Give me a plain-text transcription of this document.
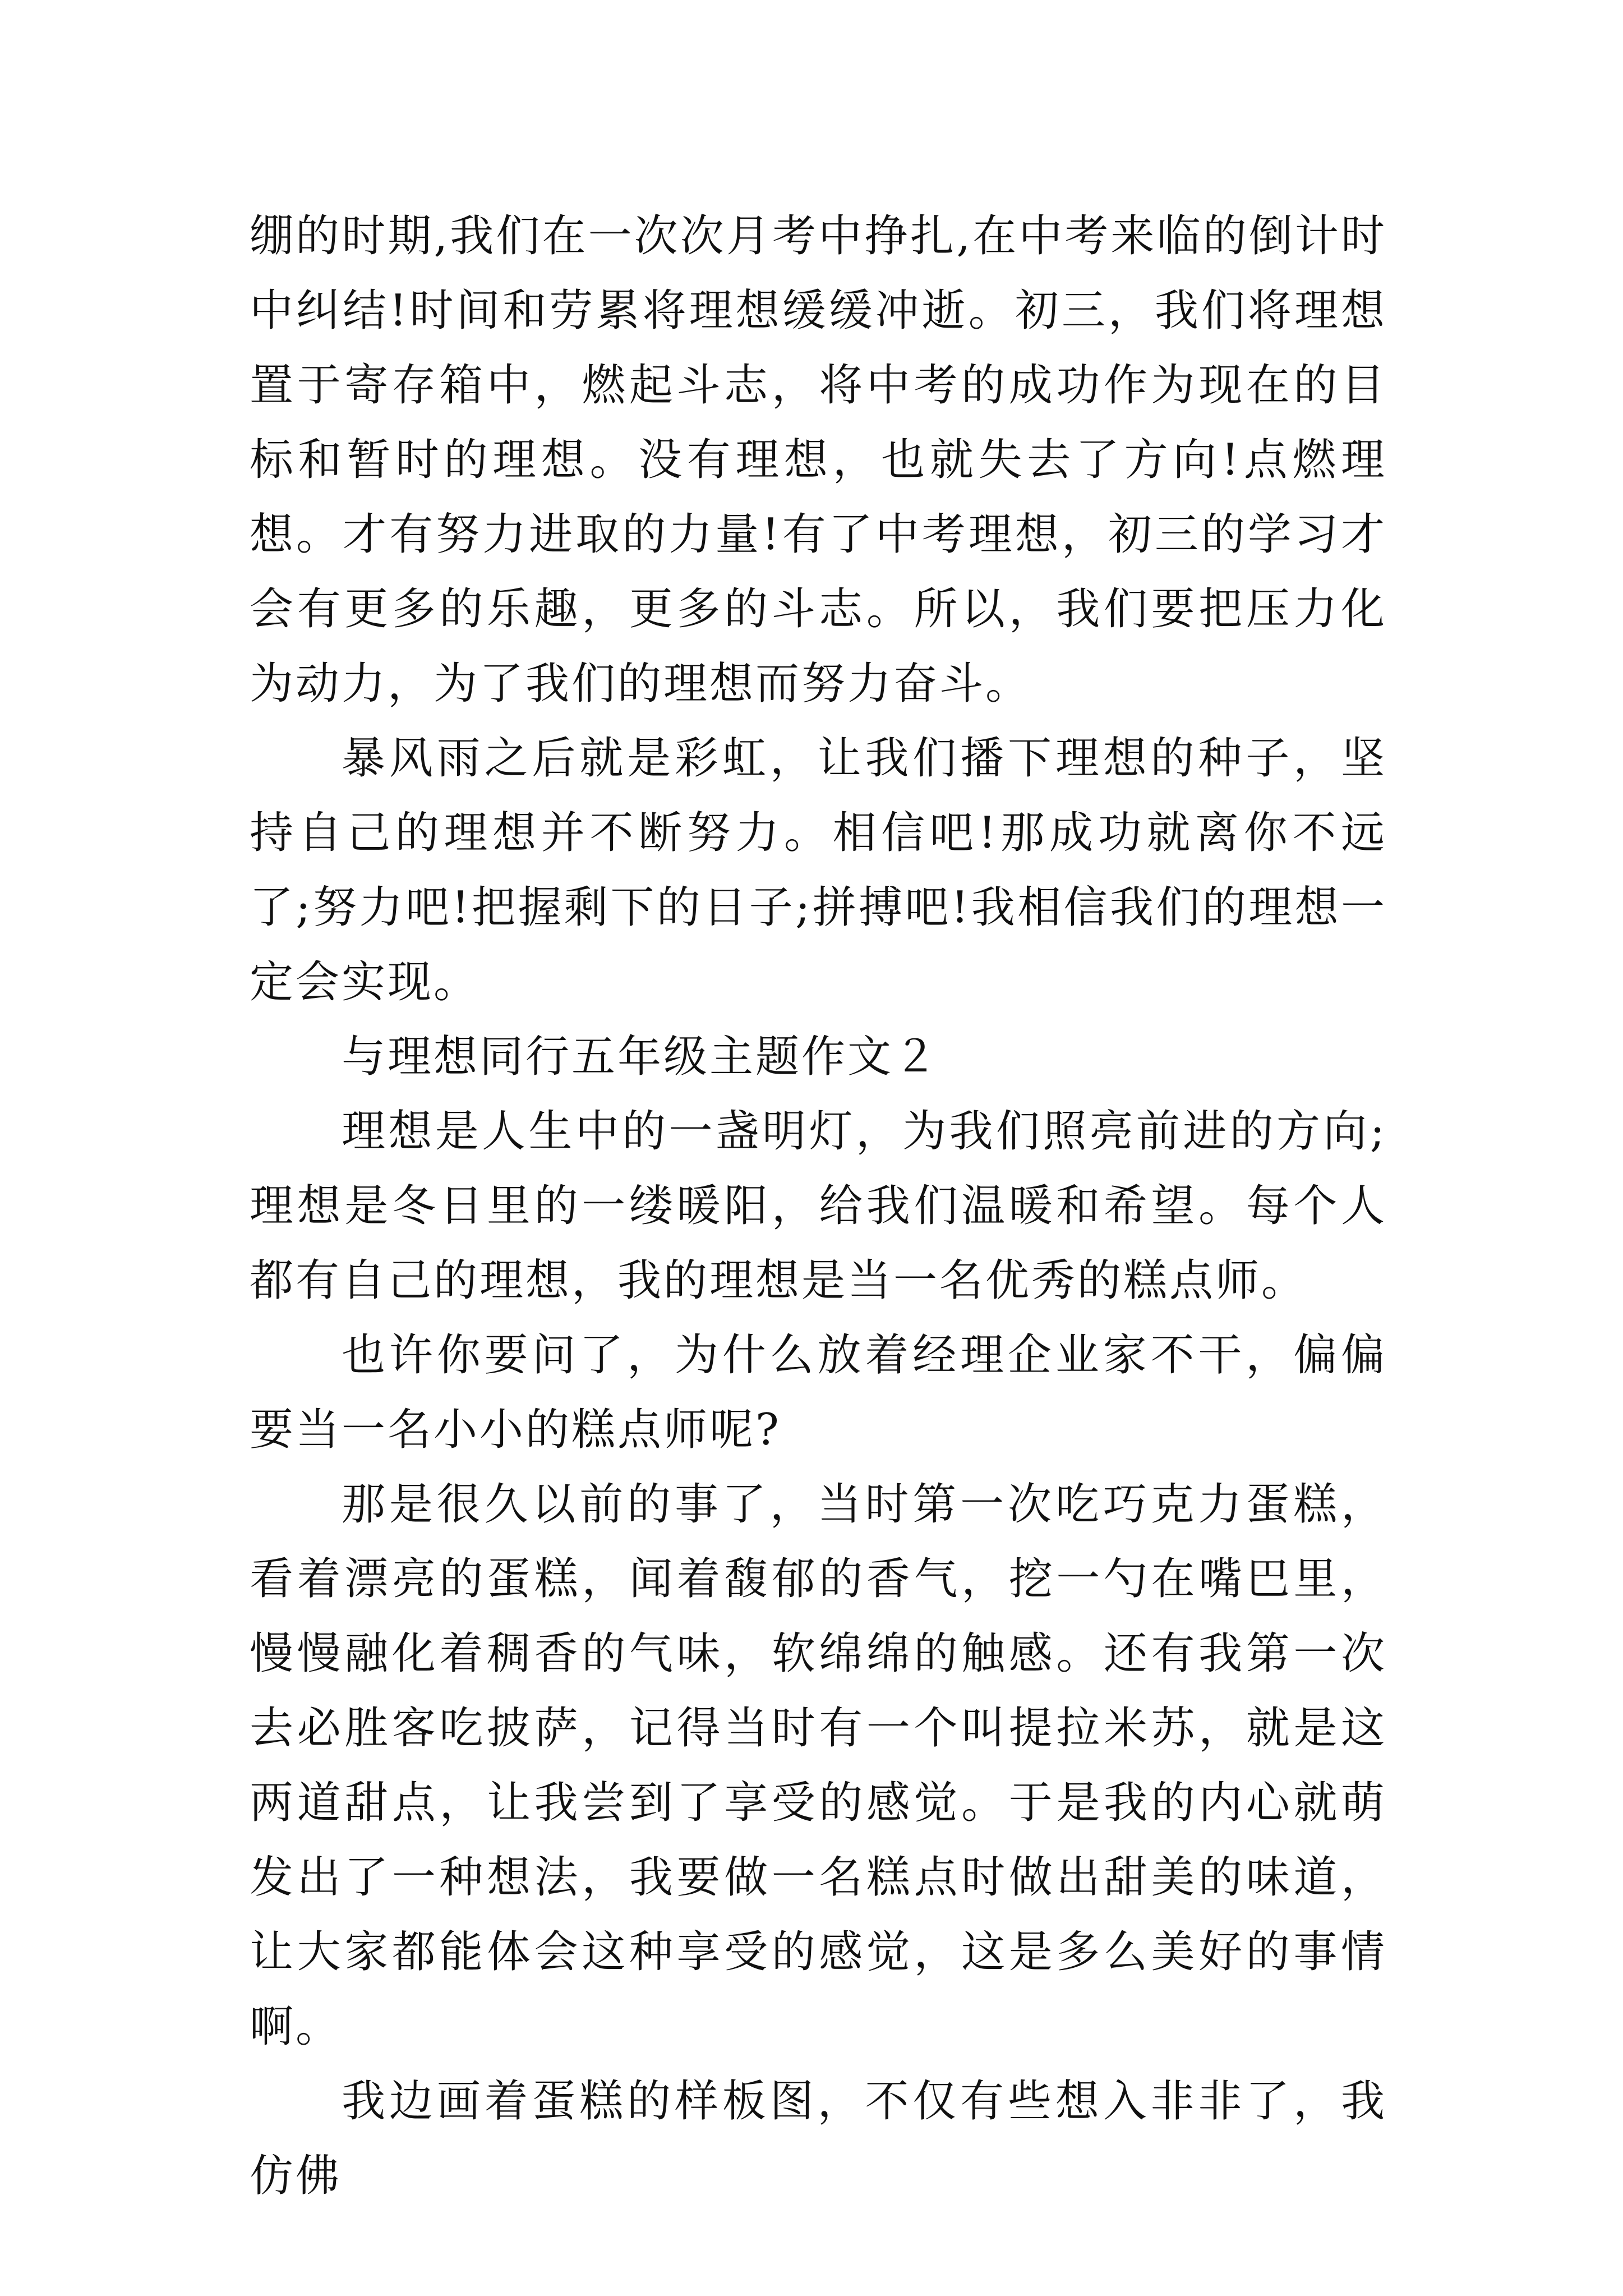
绷的时期,我们在一次次月考中挣扎,在中考来临的倒计时中纠结!时间和劳累将理想缓缓冲逝。初三，我们将理想置于寄存箱中，燃起斗志，将中考的成功作为现在的目标和暂时的理想。没有理想，也就失去了方向!点燃理想。才有努力进取的力量!有了中考理想，初三的学习才会有更多的乐趣，更多的斗志。所以，我们要把压力化为动力，为了我们的理想而努力奋斗。

暴风雨之后就是彩虹，让我们播下理想的种子，坚持自己的理想并不断努力。相信吧!那成功就离你不远了;努力吧!把握剩下的日子;拼搏吧!我相信我们的理想一定会实现。

与理想同行五年级主题作文２

理想是人生中的一盏明灯，为我们照亮前进的方向;理想是冬日里的一缕暖阳，给我们温暖和希望。每个人都有自己的理想，我的理想是当一名优秀的糕点师。

也许你要问了，为什么放着经理企业家不干，偏偏要当一名小小的糕点师呢?

那是很久以前的事了，当时第一次吃巧克力蛋糕，看着漂亮的蛋糕，闻着馥郁的香气，挖一勺在嘴巴里，慢慢融化着稠香的气味，软绵绵的触感。还有我第一次去必胜客吃披萨，记得当时有一个叫提拉米苏，就是这两道甜点，让我尝到了享受的感觉。于是我的内心就萌发出了一种想法，我要做一名糕点时做出甜美的味道，让大家都能体会这种享受的感觉，这是多么美好的事情啊。

我边画着蛋糕的样板图，不仅有些想入非非了，我仿佛
